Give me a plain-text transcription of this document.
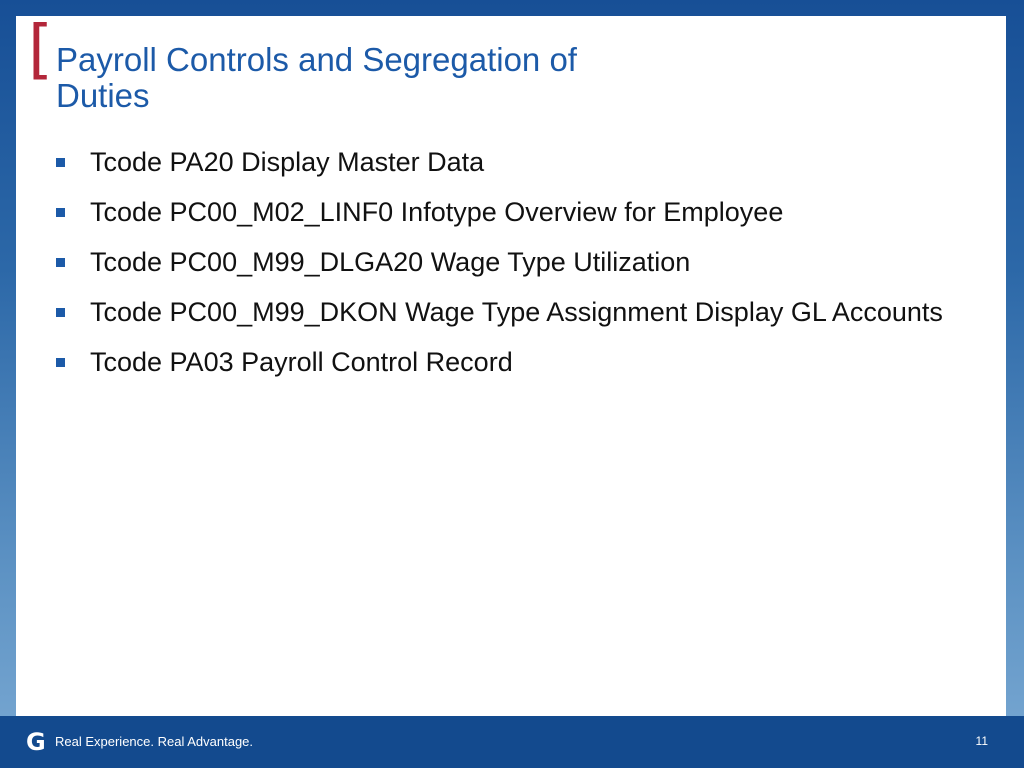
[ Payroll Controls and Segregation of Duties
Tcode PA20 Display Master Data
Tcode PC00_M02_LINF0 Infotype Overview for Employee
Tcode PC00_M99_DLGA20 Wage Type Utilization
Tcode PC00_M99_DKON Wage Type Assignment Display GL Accounts
Tcode PA03 Payroll Control Record
G Real Experience. Real Advantage.	11
